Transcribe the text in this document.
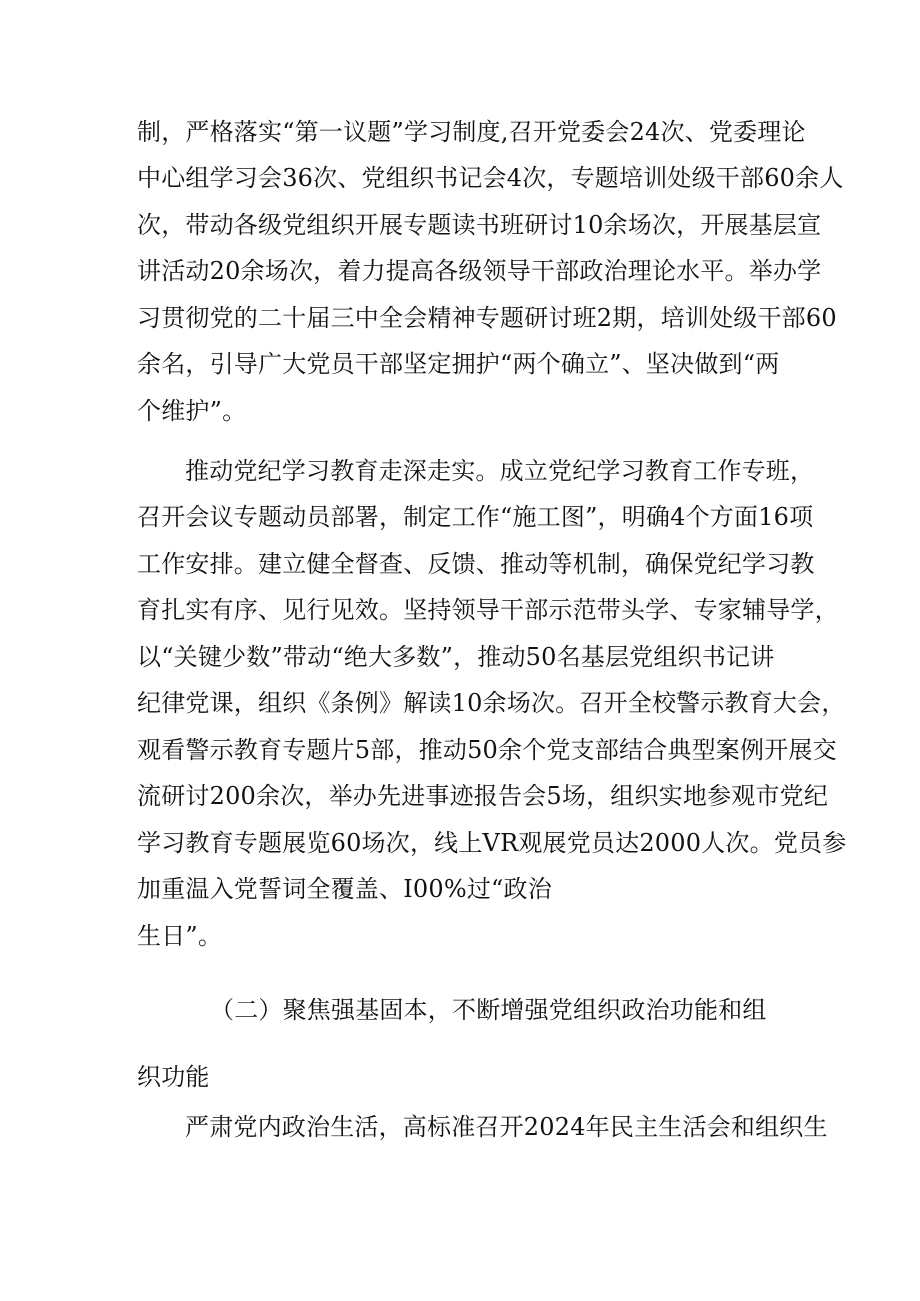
制，严格落实“第一议题”学习制度,召开党委会24次、党委理论
中心组学习会36次、党组织书记会4次，专题培训处级干部60余人
次，带动各级党组织开展专题读书班研讨10余场次，开展基层宣
讲活动20余场次，着力提高各级领导干部政治理论水平。举办学
习贯彻党的二十届三中全会精神专题研讨班2期，培训处级干部60
余名，引导广大党员干部坚定拥护“两个确立”、坚决做到“两
个维护”。
推动党纪学习教育走深走实。成立党纪学习教育工作专班，
召开会议专题动员部署，制定工作“施工图”，明确4个方面16项
工作安排。建立健全督查、反馈、推动等机制，确保党纪学习教
育扎实有序、见行见效。坚持领导干部示范带头学、专家辅导学，
以“关键少数”带动“绝大多数”，推动50名基层党组织书记讲
纪律党课，组织《条例》解读10余场次。召开全校警示教育大会，
观看警示教育专题片5部，推动50余个党支部结合典型案例开展交
流研讨200余次，举办先进事迹报告会5场，组织实地参观市党纪
学习教育专题展览60场次，线上VR观展党员达2000人次。党员参
加重温入党誓词全覆盖、I00%过“政治
生日”。
（二）聚焦强基固本，不断增强党组织政治功能和组
织功能
严肃党内政治生活，高标准召开2024年民主生活会和组织生
